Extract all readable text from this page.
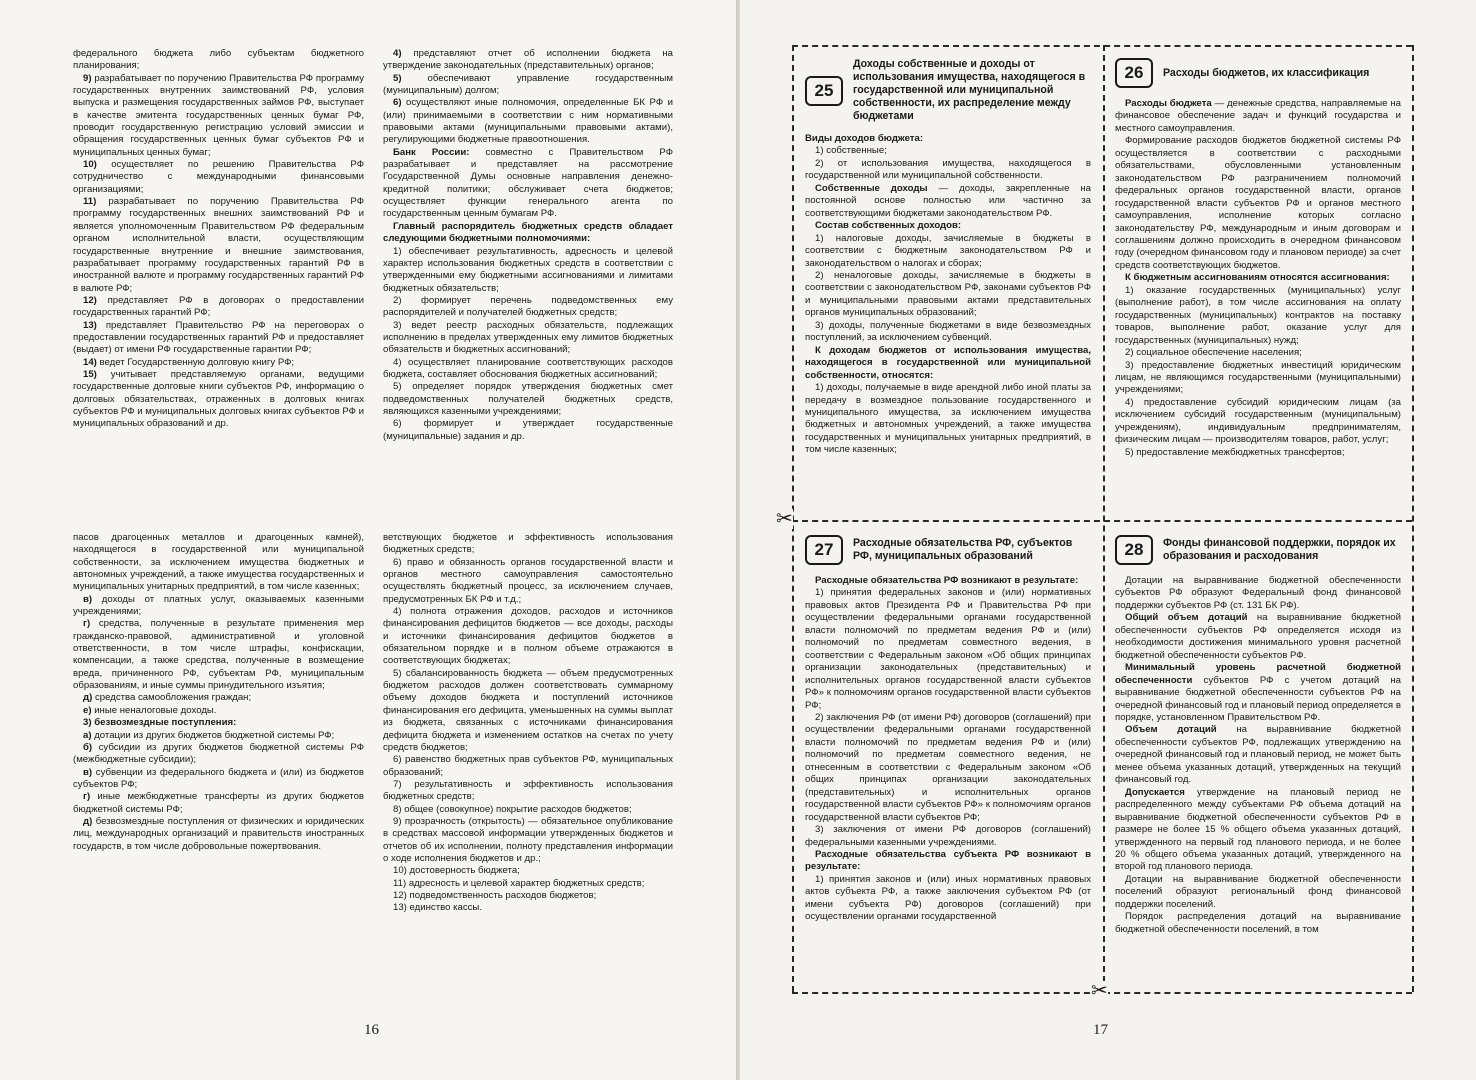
федерального бюджета либо субъектам бюджетного планирования;

9) разрабатывает по поручению Правительства РФ программу государственных внутренних заимствований РФ, условия выпуска и размещения государственных займов РФ, выступает в качестве эмитента государственных ценных бумаг РФ, проводит государственную регистрацию условий эмиссии и обращения государственных ценных бумаг субъектов РФ и муниципальных ценных бумаг;

10) осуществляет по решению Правительства РФ сотрудничество с международными финансовыми организациями;

11) разрабатывает по поручению Правительства РФ программу государственных внешних заимствований РФ и является уполномоченным Правительством РФ федеральным органом исполнительной власти, осуществляющим государственные внутренние и внешние заимствования, разрабатывает программу государственных гарантий РФ в иностранной валюте и программу государственных гарантий РФ в валюте РФ;

12) представляет РФ в договорах о предоставлении государственных гарантий РФ;

13) представляет Правительство РФ на переговорах о предоставлении государственных гарантий РФ и предоставляет (выдает) от имени РФ государственные гарантии РФ;

14) ведет Государственную долговую книгу РФ;

15) учитывает представляемую органами, ведущими государственные долговые книги субъектов РФ, информацию о долговых обязательствах, отраженных в долговых книгах субъектов РФ и муниципальных долговых книгах субъектов РФ и муниципальных образований и др.

4) представляют отчет об исполнении бюджета на утверждение законодательных (представительных) органов;

5) обеспечивают управление государственным (муниципальным) долгом;

6) осуществляют иные полномочия, определенные БК РФ и (или) принимаемыми в соответствии с ним нормативными правовыми актами (муниципальными правовыми актами), регулирующими бюджетные правоотношения.

Банк России: совместно с Правительством РФ разрабатывает и представляет на рассмотрение Государственной Думы основные направления денежно-кредитной политики; обслуживает счета бюджетов; осуществляет функции генерального агента по государственным ценным бумагам РФ.

Главный распорядитель бюджетных средств обладает следующими бюджетными полномочиями:

1) обеспечивает результативность, адресность и целевой характер использования бюджетных средств в соответствии с утвержденными ему бюджетными ассигнованиями и лимитами бюджетных обязательств;

2) формирует перечень подведомственных ему распорядителей и получателей бюджетных средств;

3) ведет реестр расходных обязательств, подлежащих исполнению в пределах утвержденных ему лимитов бюджетных обязательств и бюджетных ассигнований;

4) осуществляет планирование соответствующих расходов бюджета, составляет обоснования бюджетных ассигнований;

5) определяет порядок утверждения бюджетных смет подведомственных получателей бюджетных средств, являющихся казенными учреждениями;

6) формирует и утверждает государственные (муниципальные) задания и др.

пасов драгоценных металлов и драгоценных камней), находящегося в государственной или муниципальной собственности, за исключением имущества бюджетных и автономных учреждений, а также имущества государственных и муниципальных унитарных предприятий, в том числе казенных;

в) доходы от платных услуг, оказываемых казенными учреждениями;

г) средства, полученные в результате применения мер гражданско-правовой, административной и уголовной ответственности, в том числе штрафы, конфискации, компенсации, а также средства, полученные в возмещение вреда, причиненного РФ, субъектам РФ, муниципальным образованиям, и иные суммы принудительного изъятия;

д) средства самообложения граждан;

е) иные неналоговые доходы.

3) безвозмездные поступления:

а) дотации из других бюджетов бюджетной системы РФ;

б) субсидии из других бюджетов бюджетной системы РФ (межбюджетные субсидии);

в) субвенции из федерального бюджета и (или) из бюджетов субъектов РФ;

г) иные межбюджетные трансферты из других бюджетов бюджетной системы РФ;

д) безвозмездные поступления от физических и юридических лиц, международных организаций и правительств иностранных государств, в том числе добровольные пожертвования.

ветствующих бюджетов и эффективность использования бюджетных средств;

6) право и обязанность органов государственной власти и органов местного самоуправления самостоятельно осуществлять бюджетный процесс, за исключением случаев, предусмотренных БК РФ и т.д.;

4) полнота отражения доходов, расходов и источников финансирования дефицитов бюджетов — все доходы, расходы и источники финансирования дефицитов бюджетов в обязательном порядке и в полном объеме отражаются в соответствующих бюджетах;

5) сбалансированность бюджета — объем предусмотренных бюджетом расходов должен соответствовать суммарному объему доходов бюджета и поступлений источников финансирования его дефицита, уменьшенных на суммы выплат из бюджета, связанных с источниками финансирования дефицита бюджета и изменением остатков на счетах по учету средств бюджетов;

6) равенство бюджетных прав субъектов РФ, муниципальных образований;

7) результативность и эффективность использования бюджетных средств;

8) общее (совокупное) покрытие расходов бюджетов;

9) прозрачность (открытость) — обязательное опубликование в средствах массовой информации утвержденных бюджетов и отчетов об их исполнении, полноту представления информации о ходе исполнения бюджетов и др.;

10) достоверность бюджета;

11) адресность и целевой характер бюджетных средств;

12) подведомственность расходов бюджетов;

13) единство кассы.

16
✂
✂
25
Доходы собственные и доходы от использования имущества, находящегося в государственной или муниципальной собственности, их распределение между бюджетами

Виды доходов бюджета:

1) собственные;

2) от использования имущества, находящегося в государственной или муниципальной собственности.

Собственные доходы — доходы, закрепленные на постоянной основе полностью или частично за соответствующими бюджетами законодательством РФ.

Состав собственных доходов:

1) налоговые доходы, зачисляемые в бюджеты в соответствии с бюджетным законодательством РФ и законодательством о налогах и сборах;

2) неналоговые доходы, зачисляемые в бюджеты в соответствии с законодательством РФ, законами субъектов РФ и муниципальными правовыми актами представительных органов муниципальных образований;

3) доходы, полученные бюджетами в виде безвозмездных поступлений, за исключением субвенций.

К доходам бюджетов от использования имущества, находящегося в государственной или муниципальной собственности, относятся:

1) доходы, получаемые в виде арендной либо иной платы за передачу в возмездное пользование государственного и муниципального имущества, за исключением имущества бюджетных и автономных учреждений, а также имущества государственных и муниципальных унитарных предприятий, в том числе казенных;

26	Расходы бюджетов, их классификация

Расходы бюджета — денежные средства, направляемые на финансовое обеспечение задач и функций государства и местного самоуправления.

Формирование расходов бюджетов бюджетной системы РФ осуществляется в соответствии с расходными обязательствами, обусловленными установленным законодательством РФ разграничением полномочий федеральных органов государственной власти, органов государственной власти субъектов РФ и органов местного самоуправления, исполнение которых согласно законодательству РФ, международным и иным договорам и соглашениям должно происходить в очередном финансовом году (очередном финансовом году и плановом периоде) за счет средств соответствующих бюджетов.

К бюджетным ассигнованиям относятся ассигнования:

1) оказание государственных (муниципальных) услуг (выполнение работ), в том числе ассигнования на оплату государственных (муниципальных) контрактов на поставку товаров, выполнение работ, оказание услуг для государственных (муниципальных) нужд;

2) социальное обеспечение населения;

3) предоставление бюджетных инвестиций юридическим лицам, не являющимся государственными (муниципальными) учреждениями;

4) предоставление субсидий юридическим лицам (за исключением субсидий государственным (муниципальным) учреждениям), индивидуальным предпринимателям, физическим лицам — производителям товаров, работ, услуг;

5) предоставление межбюджетных трансфертов;

27	Расходные обязательства РФ, субъектов РФ, муниципальных образований

Расходные обязательства РФ возникают в результате:

1) принятия федеральных законов и (или) нормативных правовых актов Президента РФ и Правительства РФ при осуществлении федеральными органами государственной власти полномочий по предметам ведения РФ и (или) полномочий по предметам совместного ведения, в соответствии с Федеральным законом «Об общих принципах организации законодательных (представительных) и исполнительных органов государственной власти субъектов РФ» к полномочиям органов государственной власти субъектов РФ;

2) заключения РФ (от имени РФ) договоров (соглашений) при осуществлении федеральными органами государственной власти полномочий по предметам ведения РФ и (или) полномочий по предметам совместного ведения, не отнесенным в соответствии с Федеральным законом «Об общих принципах организации законодательных (представительных) и исполнительных органов государственной власти субъектов РФ» к полномочиям органов государственной власти субъектов РФ;

3) заключения от имени РФ договоров (соглашений) федеральными казенными учреждениями.

Расходные обязательства субъекта РФ возникают в результате:

1) принятия законов и (или) иных нормативных правовых актов субъекта РФ, а также заключения субъектом РФ (от имени субъекта РФ) договоров (соглашений) при осуществлении органами государственной

28	Фонды финансовой поддержки, порядок их образования и расходования

Дотации на выравнивание бюджетной обеспеченности субъектов РФ образуют Федеральный фонд финансовой поддержки субъектов РФ (ст. 131 БК РФ).

Общий объем дотаций на выравнивание бюджетной обеспеченности субъектов РФ определяется исходя из необходимости достижения минимального уровня расчетной бюджетной обеспеченности субъектов РФ.

Минимальный уровень расчетной бюджетной обеспеченности субъектов РФ с учетом дотаций на выравнивание бюджетной обеспеченности субъектов РФ на очередной финансовый год и плановый период определяется в порядке, установленном Правительством РФ.

Объем дотаций на выравнивание бюджетной обеспеченности субъектов РФ, подлежащих утверждению на очередной финансовый год и плановый период, не может быть менее объема указанных дотаций, утвержденных на текущий финансовый год.

Допускается утверждение на плановый период не распределенного между субъектами РФ объема дотаций на выравнивание бюджетной обеспеченности субъектов РФ в размере не более 15 % общего объема указанных дотаций, утвержденного на первый год планового периода, и не более 20 % общего объема указанных дотаций, утвержденного на второй год планового периода.

Дотации на выравнивание бюджетной обеспеченности поселений образуют региональный фонд финансовой поддержки поселений.

Порядок распределения дотаций на выравнивание бюджетной обеспеченности поселений, в том

17
